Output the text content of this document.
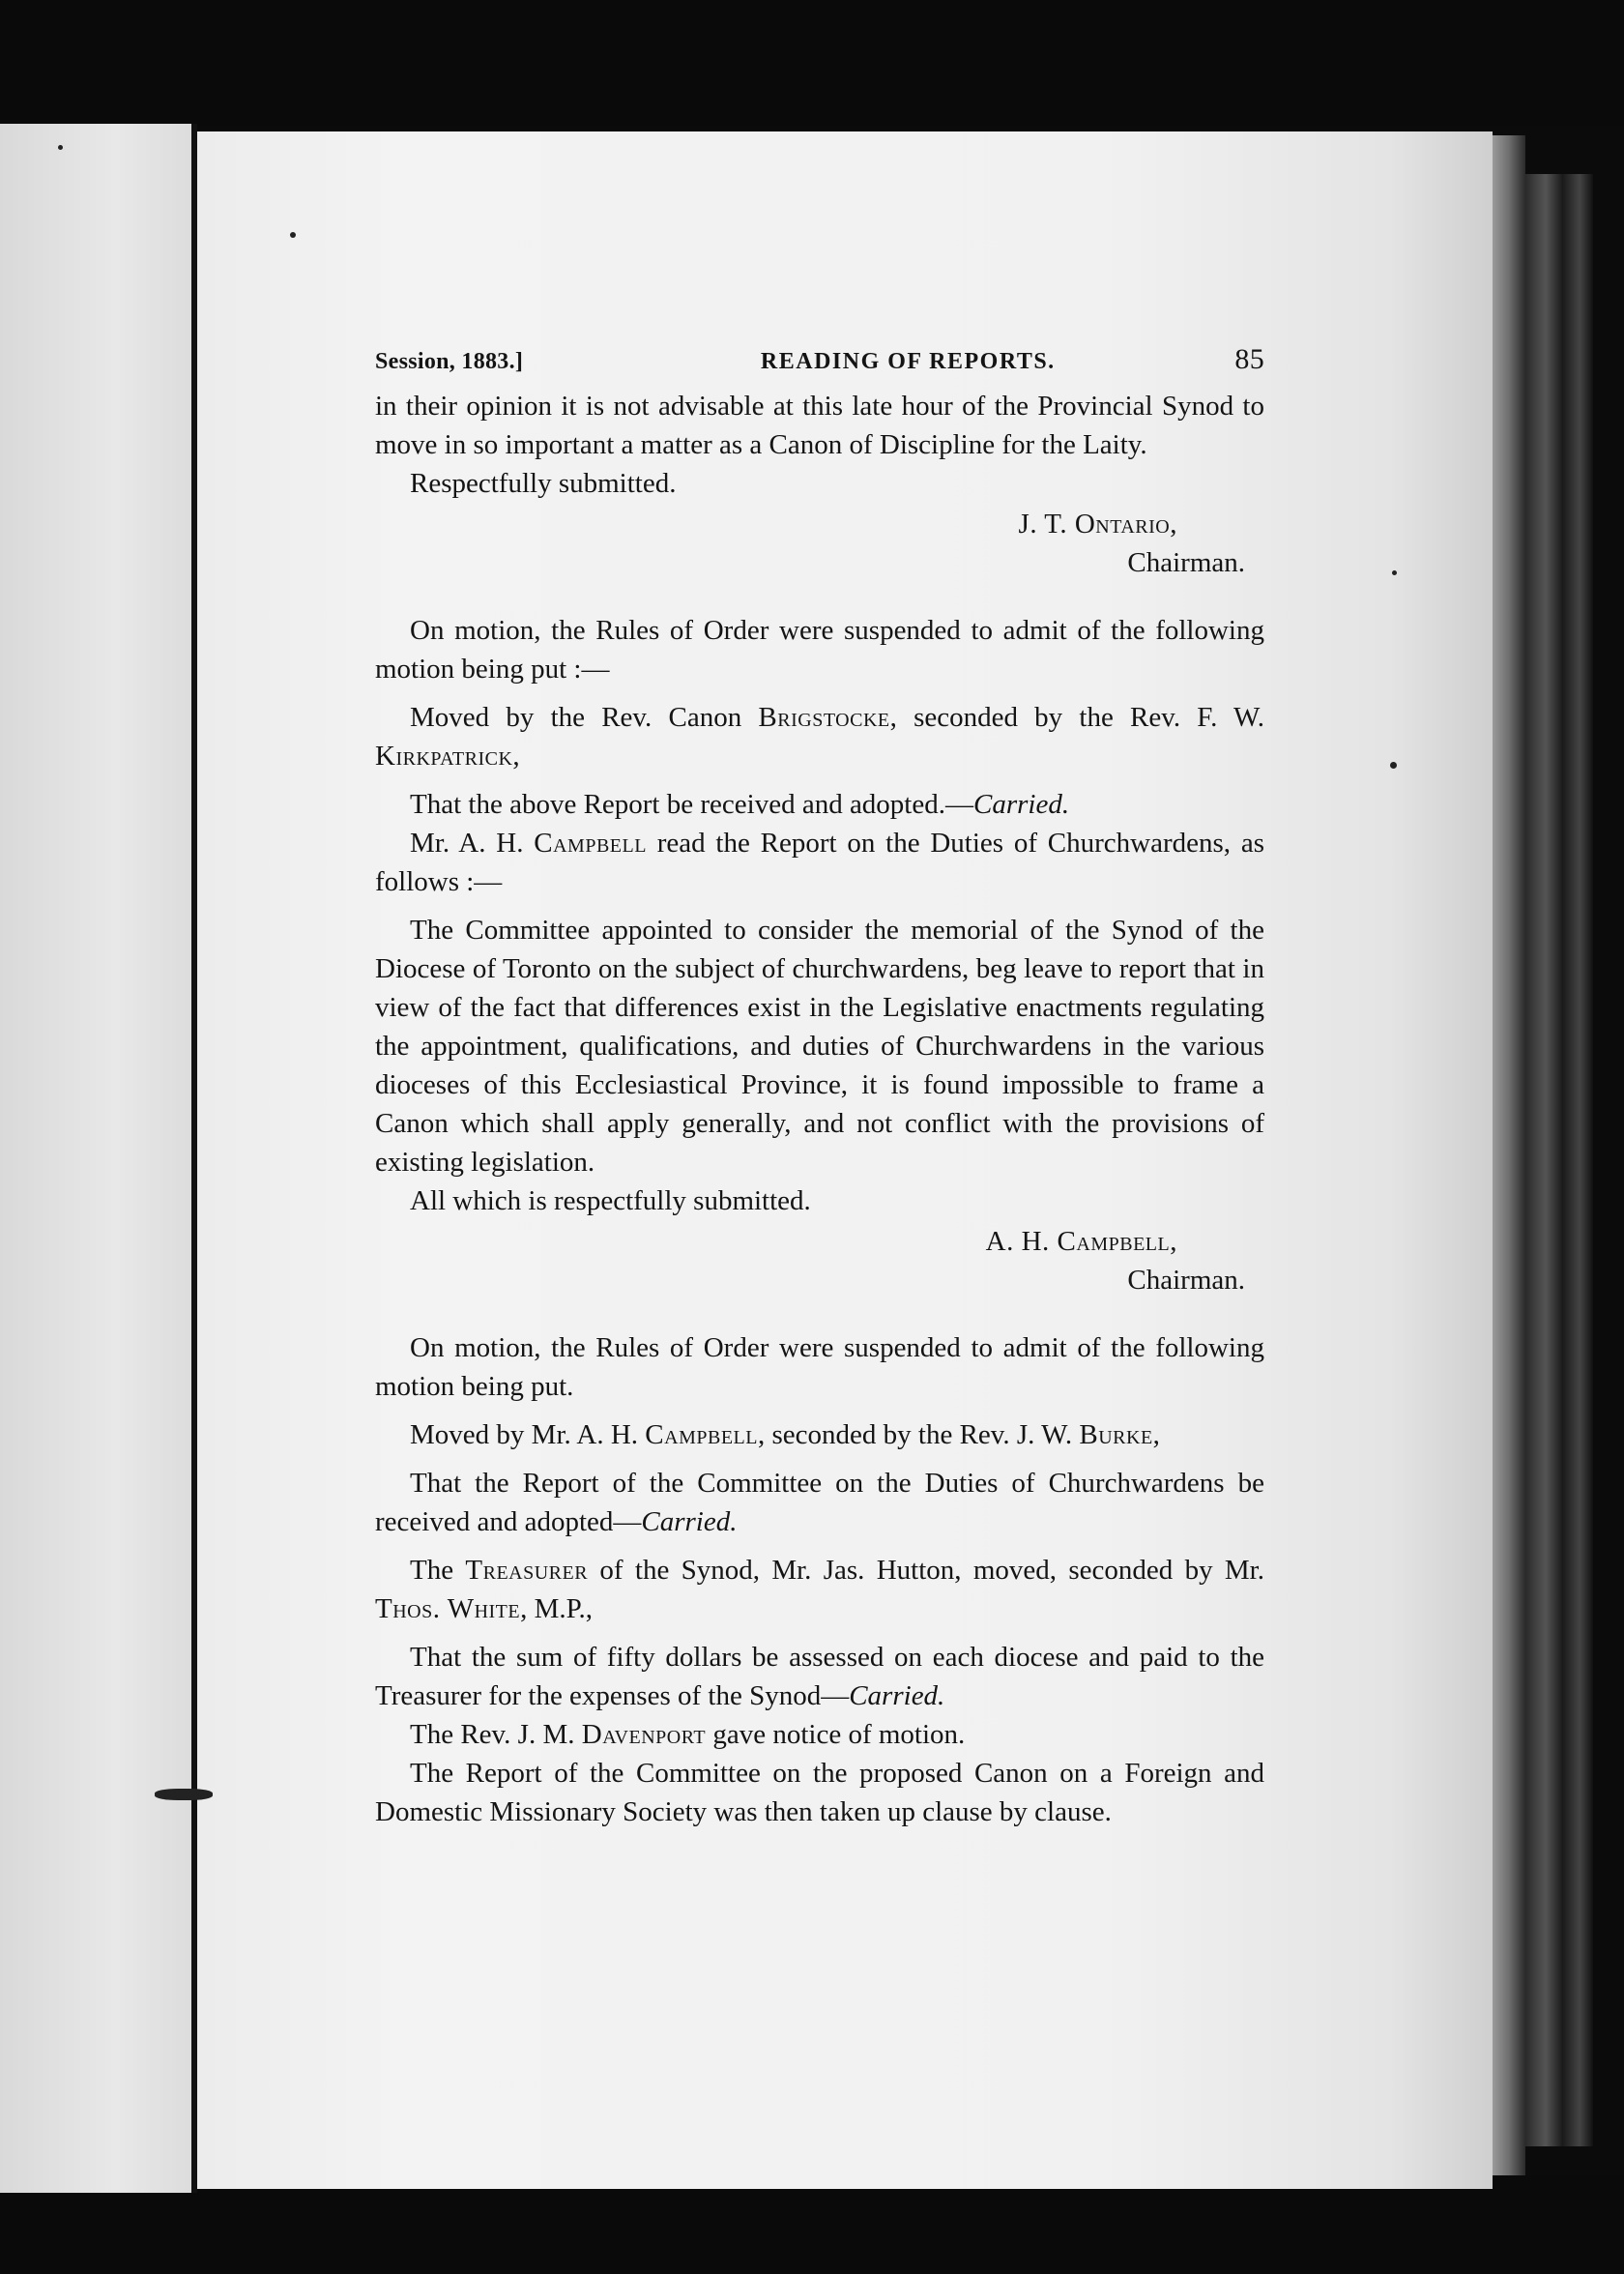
Session, 1883.]	READING OF REPORTS.	85

in their opinion it is not advisable at this late hour of the Provincial Synod to move in so important a matter as a Canon of Discipline for the Laity.

Respectfully submitted.

J. T. Ontario,
Chairman.

On motion, the Rules of Order were suspended to admit of the following motion being put :—

Moved by the Rev. Canon Brigstocke, seconded by the Rev. F. W. Kirkpatrick,

That the above Report be received and adopted.—Carried.

Mr. A. H. Campbell read the Report on the Duties of Churchwardens, as follows :—

The Committee appointed to consider the memorial of the Synod of the Diocese of Toronto on the subject of churchwardens, beg leave to report that in view of the fact that differences exist in the Legislative enactments regulating the appointment, qualifications, and duties of Churchwardens in the various dioceses of this Ecclesiastical Province, it is found impossible to frame a Canon which shall apply generally, and not conflict with the provisions of existing legislation.

All which is respectfully submitted.

A. H. Campbell,
Chairman.

On motion, the Rules of Order were suspended to admit of the following motion being put.

Moved by Mr. A. H. Campbell, seconded by the Rev. J. W. Burke,

That the Report of the Committee on the Duties of Churchwardens be received and adopted—Carried.

The Treasurer of the Synod, Mr. Jas. Hutton, moved, seconded by Mr. Thos. White, M.P.,

That the sum of fifty dollars be assessed on each diocese and paid to the Treasurer for the expenses of the Synod—Carried.

The Rev. J. M. Davenport gave notice of motion.

The Report of the Committee on the proposed Canon on a Foreign and Domestic Missionary Society was then taken up clause by clause.
